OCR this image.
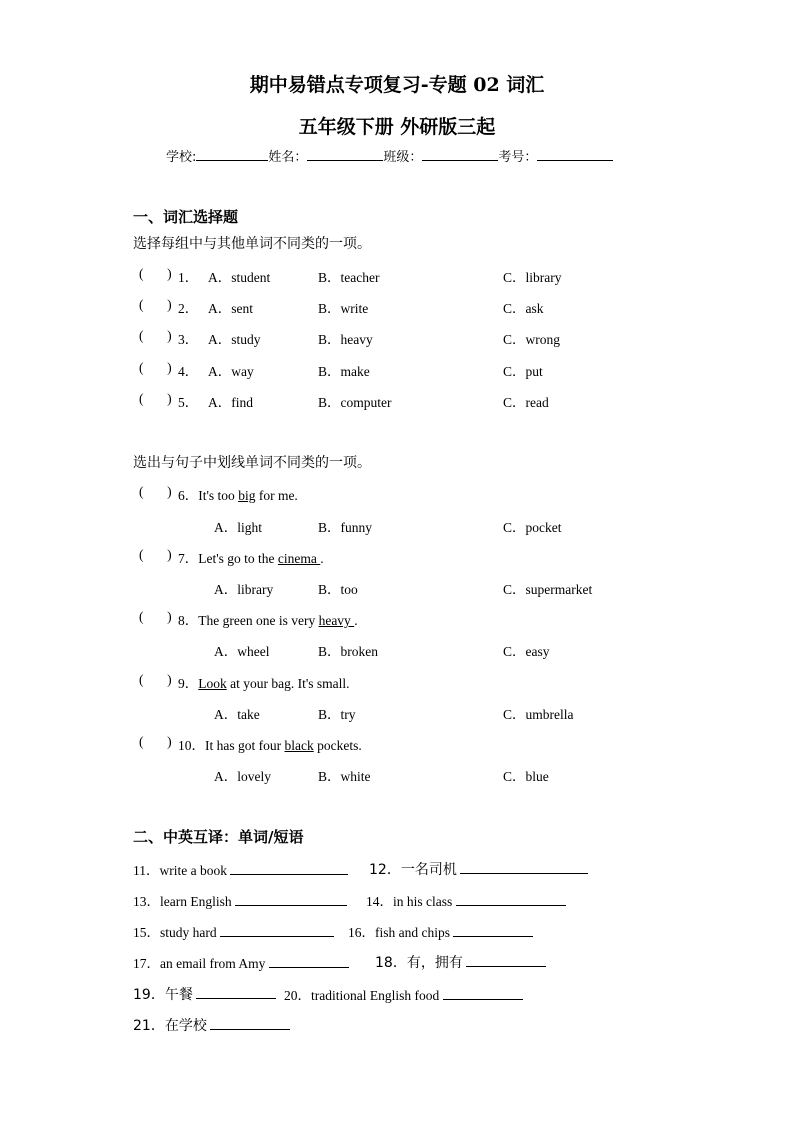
期中易错点专项复习-专题 02 词汇
五年级下册 外研版三起
学校:	姓名：	班级：	考号：
一、词汇选择题
选择每组中与其他单词不同类的一项。
(       ) 1． A．student	B．teacher	C．library
(       ) 2． A．sent	B．write	C．ask
(       ) 3． A．study	B．heavy	C．wrong
(       ) 4． A．way	B．make	C．put
(       ) 5． A．find	B．computer	C．read
选出与句子中划线单词不同类的一项。
(       ) 6．It's too big for me.
A．light	B．funny	C．pocket
(       ) 7．Let's go to the cinema .
A．library	B．too	C．supermarket
(       ) 8．The green one is very heavy .
A．wheel	B．broken	C．easy
(       ) 9．Look at your bag. It's small.
A．take	B．try	C．umbrella
(       ) 10．It has got four black pockets.
A．lovely	B．white	C．blue
二、中英互译：单词/短语
11．write a book	12．一名司机
13．learn English	14．in his class
15．study hard	16．fish and chips
17．an email from Amy	18．有，拥有
19．午餐	20．traditional English food
21．在学校
